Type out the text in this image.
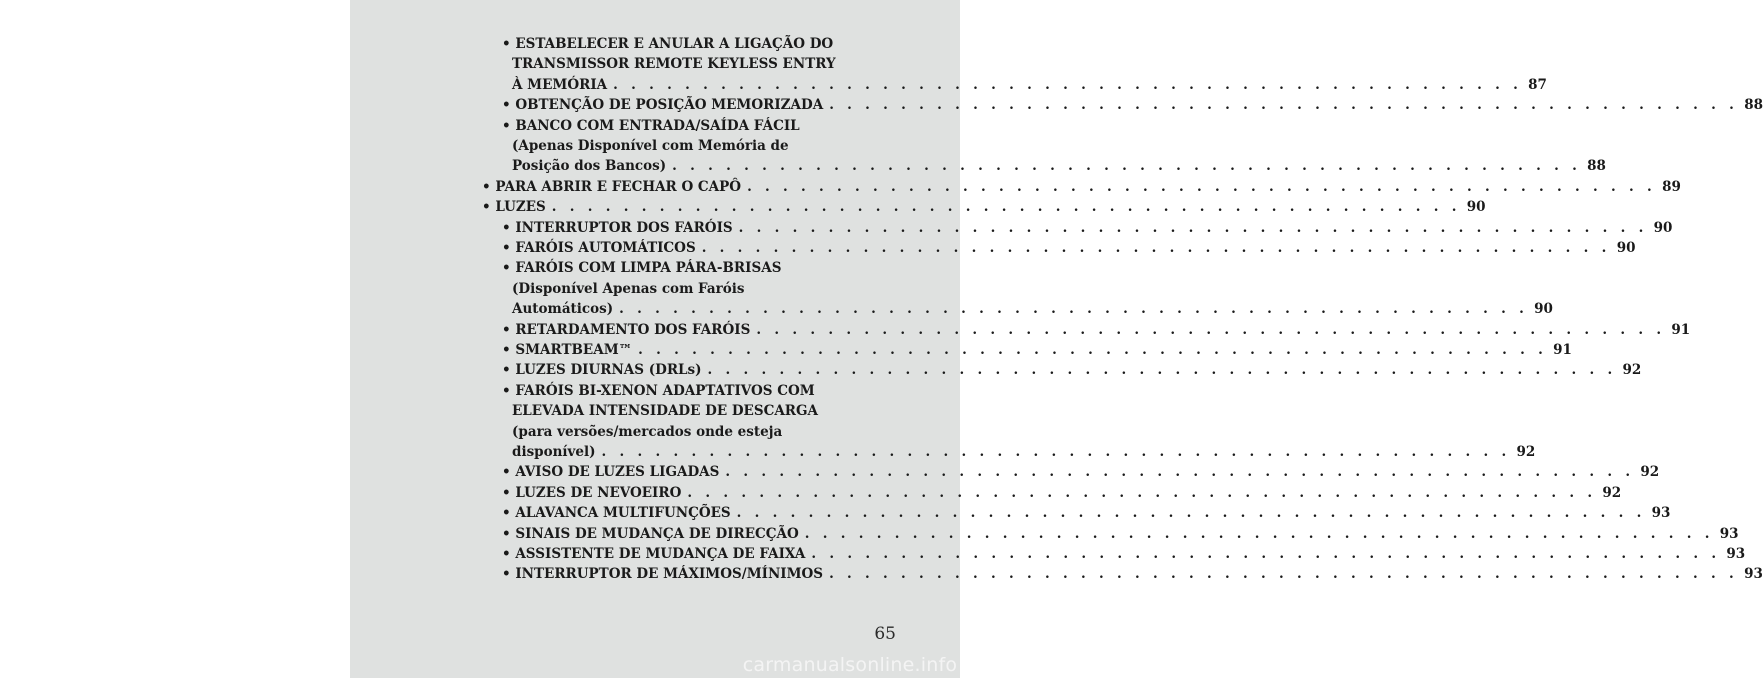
• ESTABELECER E ANULAR A LIGAÇÃO DO
TRANSMISSOR REMOTE KEYLESS ENTRY
À MEMÓRIA . . . . . . . . . . . . . . . . . . . . . . . . . . . . . . . . . . . . . . . . . . . . . . . . . . . 87
• OBTENÇÃO DE POSIÇÃO MEMORIZADA . . . . . . . . . . . . . . . . . . . . . . . . . . . . . . . . . . . . . . . . . . . . . . . . . . . 88
• BANCO COM ENTRADA/SAÍDA FÁCIL
(Apenas Disponível com Memória de
Posição dos Bancos) . . . . . . . . . . . . . . . . . . . . . . . . . . . . . . . . . . . . . . . . . . . . . . . . . . . 88
• PARA ABRIR E FECHAR O CAPÔ . . . . . . . . . . . . . . . . . . . . . . . . . . . . . . . . . . . . . . . . . . . . . . . . . . . 89
• LUZES . . . . . . . . . . . . . . . . . . . . . . . . . . . . . . . . . . . . . . . . . . . . . . . . . . . 90
• INTERRUPTOR DOS FARÓIS . . . . . . . . . . . . . . . . . . . . . . . . . . . . . . . . . . . . . . . . . . . . . . . . . . . 90
• FARÓIS AUTOMÁTICOS . . . . . . . . . . . . . . . . . . . . . . . . . . . . . . . . . . . . . . . . . . . . . . . . . . . 90
• FARÓIS COM LIMPA PÁRA-BRISAS
(Disponível Apenas com Faróis
Automáticos) . . . . . . . . . . . . . . . . . . . . . . . . . . . . . . . . . . . . . . . . . . . . . . . . . . . 90
• RETARDAMENTO DOS FARÓIS . . . . . . . . . . . . . . . . . . . . . . . . . . . . . . . . . . . . . . . . . . . . . . . . . . . 91
• SMARTBEAM™ . . . . . . . . . . . . . . . . . . . . . . . . . . . . . . . . . . . . . . . . . . . . . . . . . . . 91
• LUZES DIURNAS (DRLs) . . . . . . . . . . . . . . . . . . . . . . . . . . . . . . . . . . . . . . . . . . . . . . . . . . . 92
• FARÓIS BI-XENON ADAPTATIVOS COM
ELEVADA INTENSIDADE DE DESCARGA
(para versões/mercados onde esteja
disponível) . . . . . . . . . . . . . . . . . . . . . . . . . . . . . . . . . . . . . . . . . . . . . . . . . . . 92
• AVISO DE LUZES LIGADAS . . . . . . . . . . . . . . . . . . . . . . . . . . . . . . . . . . . . . . . . . . . . . . . . . . . 92
• LUZES DE NEVOEIRO . . . . . . . . . . . . . . . . . . . . . . . . . . . . . . . . . . . . . . . . . . . . . . . . . . . 92
• ALAVANCA MULTIFUNÇÕES . . . . . . . . . . . . . . . . . . . . . . . . . . . . . . . . . . . . . . . . . . . . . . . . . . . 93
• SINAIS DE MUDANÇA DE DIRECÇÃO . . . . . . . . . . . . . . . . . . . . . . . . . . . . . . . . . . . . . . . . . . . . . . . . . . . 93
• ASSISTENTE DE MUDANÇA DE FAIXA . . . . . . . . . . . . . . . . . . . . . . . . . . . . . . . . . . . . . . . . . . . . . . . . . . . 93
• INTERRUPTOR DE MÁXIMOS/MÍNIMOS . . . . . . . . . . . . . . . . . . . . . . . . . . . . . . . . . . . . . . . . . . . . . . . . . . . 93
65
carmanualsonline.info
